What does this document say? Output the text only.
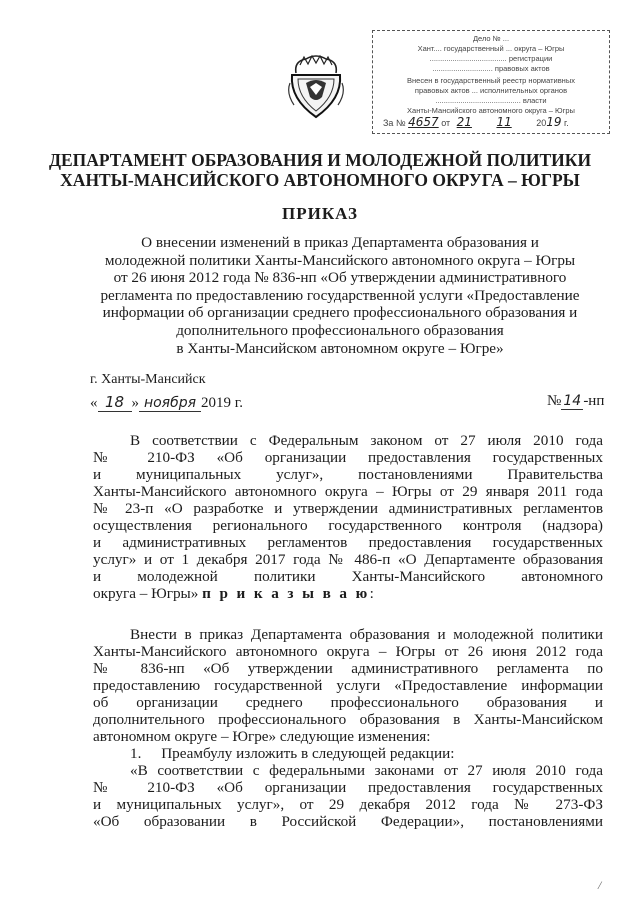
Дело № ...
Хант.... государственный ... округа – Югры
..................................... регистрации
............................. правовых актов
Внесен в государственный реестр нормативных
правовых актов ... исполнительных органов
......................................... власти
Ханты-Мансийского автономного округа – Югры
За № 4657 от 21 11	2019 г.
ДЕПАРТАМЕНТ ОБРАЗОВАНИЯ И МОЛОДЕЖНОЙ ПОЛИТИКИ
ХАНТЫ-МАНСИЙСКОГО АВТОНОМНОГО ОКРУГА – ЮГРЫ
ПРИКАЗ
О внесении изменений в приказ Департамента образования и
молодежной политики Ханты-Мансийского автономного округа – Югры
от 26 июня 2012 года № 836-нп «Об утверждении административного
регламента по предоставлению государственной услуги «Предоставление
информации об организации среднего профессионального образования и
дополнительного профессионального образования
в Ханты-Мансийском автономном округе – Югре»
г. Ханты-Мансийск
« 18 » ноября 2019 г.	№ 14 -нп
В соответствии с Федеральным законом от 27 июля 2010 года
№ 210-ФЗ «Об организации предоставления государственных
и муниципальных услуг», постановлениями Правительства
Ханты-Мансийского автономного округа – Югры от 29 января 2011 года
№ 23-п «О разработке и утверждении административных регламентов
осуществления регионального государственного контроля (надзора)
и административных регламентов предоставления государственных
услуг» и от 1 декабря 2017 года № 486-п «О Департаменте образования
и молодежной политики Ханты-Мансийского автономного
округа – Югры» п р и к а з ы в а ю:
Внести в приказ Департамента образования и молодежной политики
Ханты-Мансийского автономного округа – Югры от 26 июня 2012 года
№ 836-нп «Об утверждении административного регламента по
предоставлению государственной услуги «Предоставление информации
об организации среднего профессионального образования и
дополнительного профессионального образования в Ханты-Мансийском
автономном округе – Югре» следующие изменения:
1. Преамбулу изложить в следующей редакции:
«В соответствии с федеральными законами от 27 июля 2010 года
№ 210-ФЗ «Об организации предоставления государственных
и муниципальных услуг», от 29 декабря 2012 года № 273-ФЗ
«Об образовании в Российской Федерации», постановлениями
/
